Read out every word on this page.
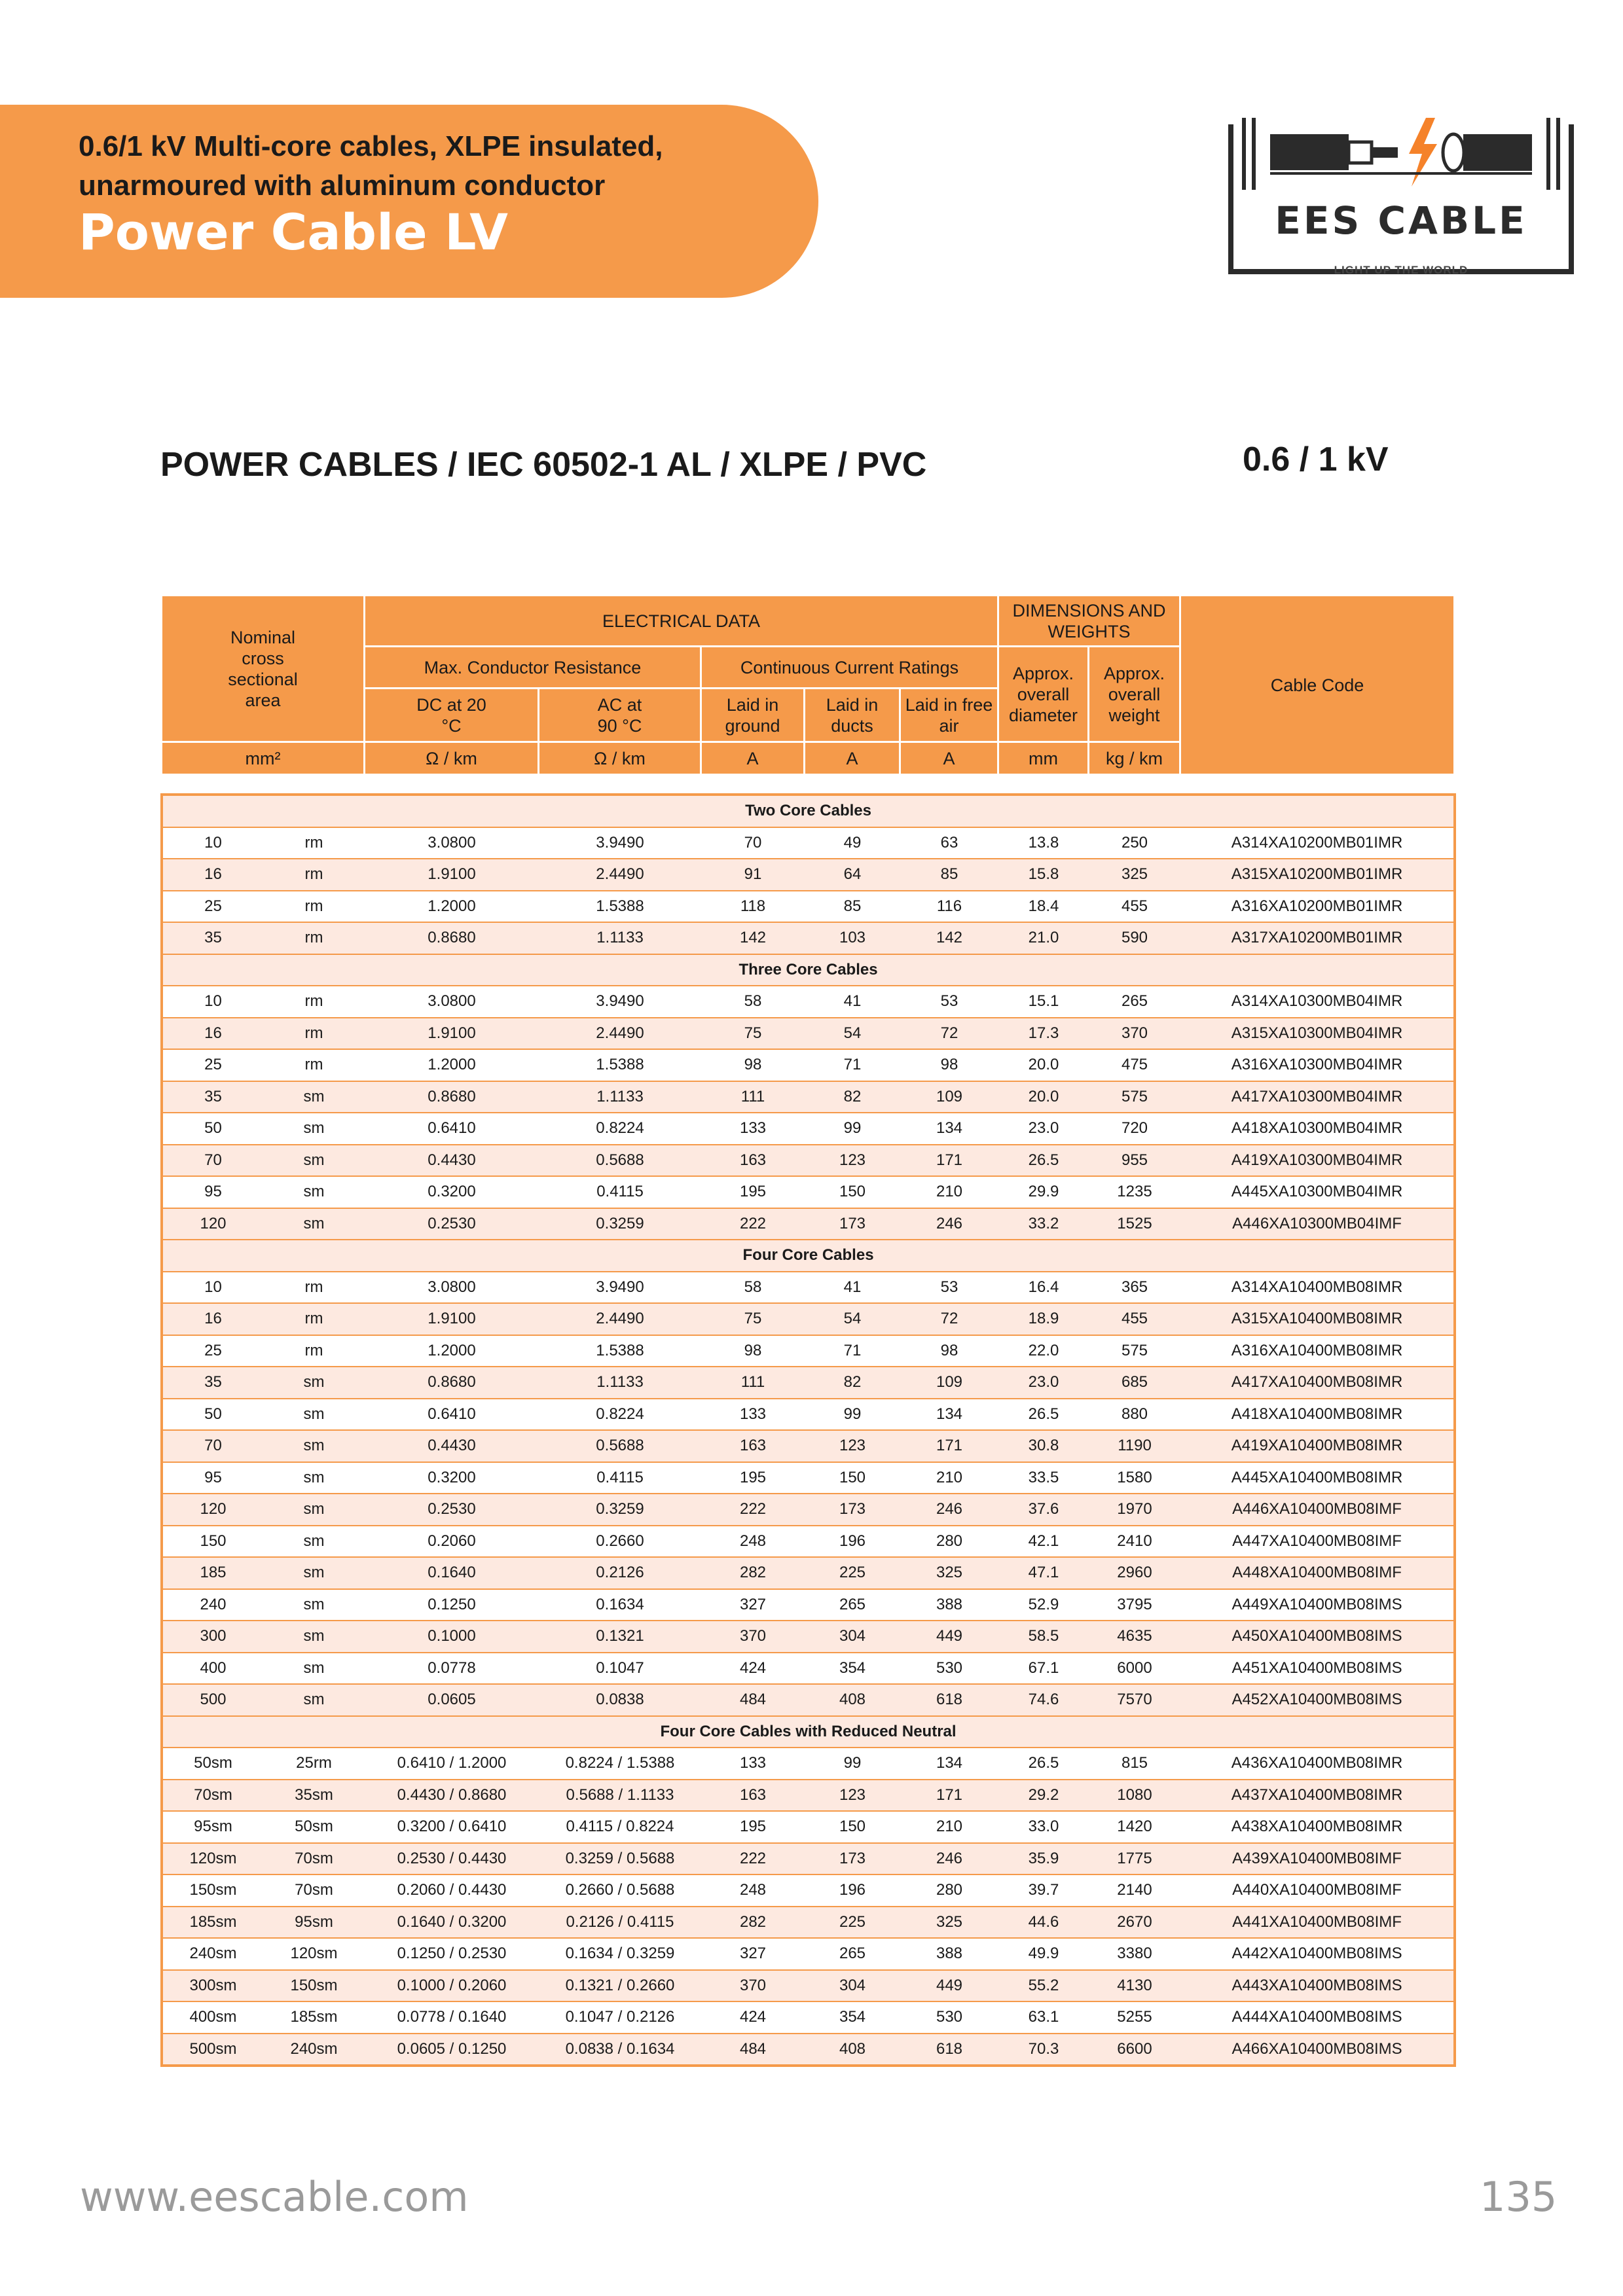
0.6/1 kV Multi-core cables, XLPE insulated,
unarmoured with aluminum conductor
Power Cable LV	EES CABLE
LIGHT UP THE WORLD
POWER CABLES / IEC 60502-1 AL / XLPE / PVC	0.6 / 1 kV
Nominal cross sectional area	ELECTRICAL DATA					DIMENSIONS AND WEIGHTS		Cable Code
	Max. Conductor Resistance		Continuous Current Ratings			Approx. overall diameter	Approx. overall weight	
	DC at 20 °C	AC at 90 °C	Laid in ground	Laid in ducts	Laid in free air			
mm²	Ω / km	Ω / km	A	A	A	mm	kg / km	
Two Core Cables									
10	rm	3.0800	3.9490	70	49	63	13.8	250	A314XA10200MB01IMR
16	rm	1.9100	2.4490	91	64	85	15.8	325	A315XA10200MB01IMR
25	rm	1.2000	1.5388	118	85	116	18.4	455	A316XA10200MB01IMR
35	rm	0.8680	1.1133	142	103	142	21.0	590	A317XA10200MB01IMR
Three Core Cables									
10	rm	3.0800	3.9490	58	41	53	15.1	265	A314XA10300MB04IMR
16	rm	1.9100	2.4490	75	54	72	17.3	370	A315XA10300MB04IMR
25	rm	1.2000	1.5388	98	71	98	20.0	475	A316XA10300MB04IMR
35	sm	0.8680	1.1133	111	82	109	20.0	575	A417XA10300MB04IMR
50	sm	0.6410	0.8224	133	99	134	23.0	720	A418XA10300MB04IMR
70	sm	0.4430	0.5688	163	123	171	26.5	955	A419XA10300MB04IMR
95	sm	0.3200	0.4115	195	150	210	29.9	1235	A445XA10300MB04IMR
120	sm	0.2530	0.3259	222	173	246	33.2	1525	A446XA10300MB04IMF
Four Core Cables									
10	rm	3.0800	3.9490	58	41	53	16.4	365	A314XA10400MB08IMR
16	rm	1.9100	2.4490	75	54	72	18.9	455	A315XA10400MB08IMR
25	rm	1.2000	1.5388	98	71	98	22.0	575	A316XA10400MB08IMR
35	sm	0.8680	1.1133	111	82	109	23.0	685	A417XA10400MB08IMR
50	sm	0.6410	0.8224	133	99	134	26.5	880	A418XA10400MB08IMR
70	sm	0.4430	0.5688	163	123	171	30.8	1190	A419XA10400MB08IMR
95	sm	0.3200	0.4115	195	150	210	33.5	1580	A445XA10400MB08IMR
120	sm	0.2530	0.3259	222	173	246	37.6	1970	A446XA10400MB08IMF
150	sm	0.2060	0.2660	248	196	280	42.1	2410	A447XA10400MB08IMF
185	sm	0.1640	0.2126	282	225	325	47.1	2960	A448XA10400MB08IMF
240	sm	0.1250	0.1634	327	265	388	52.9	3795	A449XA10400MB08IMS
300	sm	0.1000	0.1321	370	304	449	58.5	4635	A450XA10400MB08IMS
400	sm	0.0778	0.1047	424	354	530	67.1	6000	A451XA10400MB08IMS
500	sm	0.0605	0.0838	484	408	618	74.6	7570	A452XA10400MB08IMS
Four Core Cables with Reduced Neutral									
50sm	25rm	0.6410 / 1.2000	0.8224 / 1.5388	133	99	134	26.5	815	A436XA10400MB08IMR
70sm	35sm	0.4430 / 0.8680	0.5688 / 1.1133	163	123	171	29.2	1080	A437XA10400MB08IMR
95sm	50sm	0.3200 / 0.6410	0.4115 / 0.8224	195	150	210	33.0	1420	A438XA10400MB08IMR
120sm	70sm	0.2530 / 0.4430	0.3259 / 0.5688	222	173	246	35.9	1775	A439XA10400MB08IMF
150sm	70sm	0.2060 / 0.4430	0.2660 / 0.5688	248	196	280	39.7	2140	A440XA10400MB08IMF
185sm	95sm	0.1640 / 0.3200	0.2126 / 0.4115	282	225	325	44.6	2670	A441XA10400MB08IMF
240sm	120sm	0.1250 / 0.2530	0.1634 / 0.3259	327	265	388	49.9	3380	A442XA10400MB08IMS
300sm	150sm	0.1000 / 0.2060	0.1321 / 0.2660	370	304	449	55.2	4130	A443XA10400MB08IMS
400sm	185sm	0.0778 / 0.1640	0.1047 / 0.2126	424	354	530	63.1	5255	A444XA10400MB08IMS
500sm	240sm	0.0605 / 0.1250	0.0838 / 0.1634	484	408	618	70.3	6600	A466XA10400MB08IMS
www.eescable.com	135
